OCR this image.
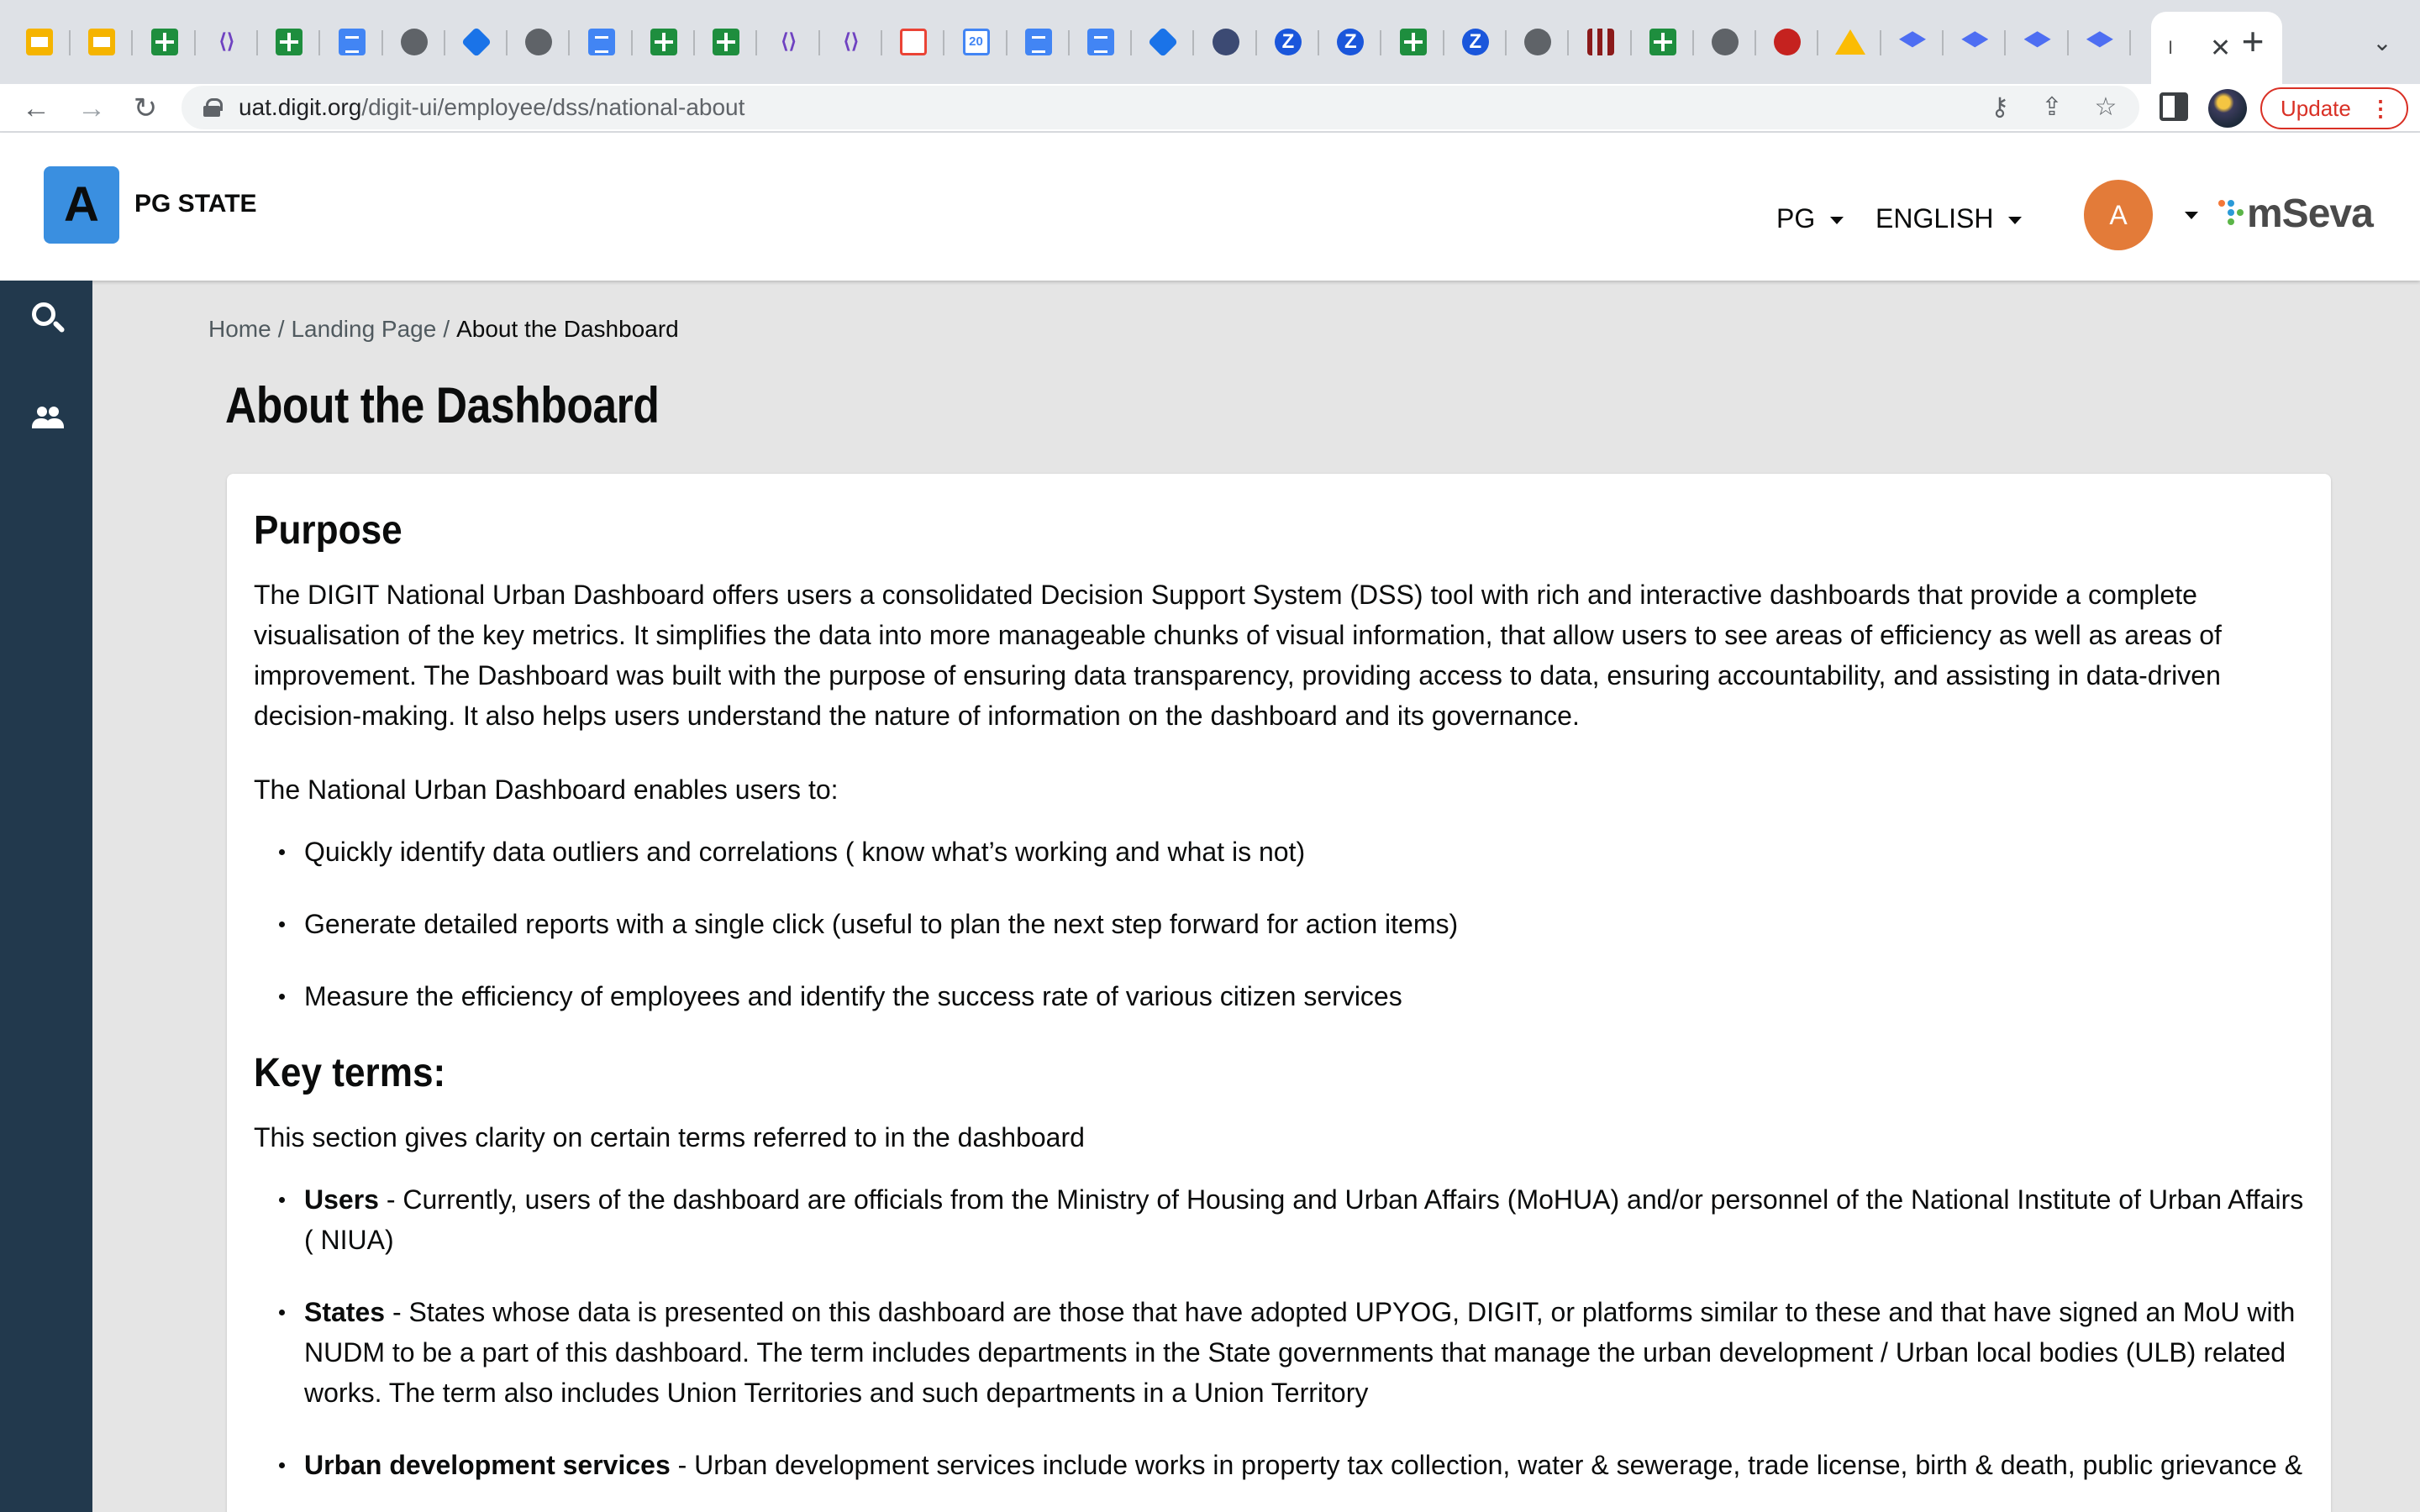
⟨⟩	⟨⟩ ⟨⟩	20	Z	Z	Z	I	✕ +	⌄
← → ↻	uat.digit.org/digit-ui/employee/dss/national-about	⚷ ⇪ ☆	Update ⋮
A	PG STATE	PG	ENGLISH	A	mSeva
Home / Landing Page / About the Dashboard
About the Dashboard
Purpose

The DIGIT National Urban Dashboard offers users a consolidated Decision Support System (DSS) tool with rich and interactive dashboards that provide a complete visualisation of the key metrics. It simplifies the data into more manageable chunks of visual information, that allow users to see areas of efficiency as well as areas of improvement. The Dashboard was built with the purpose of ensuring data transparency, providing access to data, ensuring accountability, and assisting in data-driven decision-making. It also helps users understand the nature of information on the dashboard and its governance.

The National Urban Dashboard enables users to:

Quickly identify data outliers and correlations ( know what’s working and what is not)
Generate detailed reports with a single click (useful to plan the next step forward for action items)
Measure the efficiency of employees and identify the success rate of various citizen services
Key terms:

This section gives clarity on certain terms referred to in the dashboard

Users - Currently, users of the dashboard are officials from the Ministry of Housing and Urban Affairs (MoHUA) and/or personnel of the National Institute of Urban Affairs ( NIUA)
States - States whose data is presented on this dashboard are those that have adopted UPYOG, DIGIT, or platforms similar to these and that have signed an MoU with NUDM to be a part of this dashboard. The term includes departments in the State governments that manage the urban development / Urban local bodies (ULB) related works. The term also includes Union Territories and such departments in a Union Territory
Urban development services - Urban development services include works in property tax collection, water & sewerage, trade license, birth & death, public grievance &
